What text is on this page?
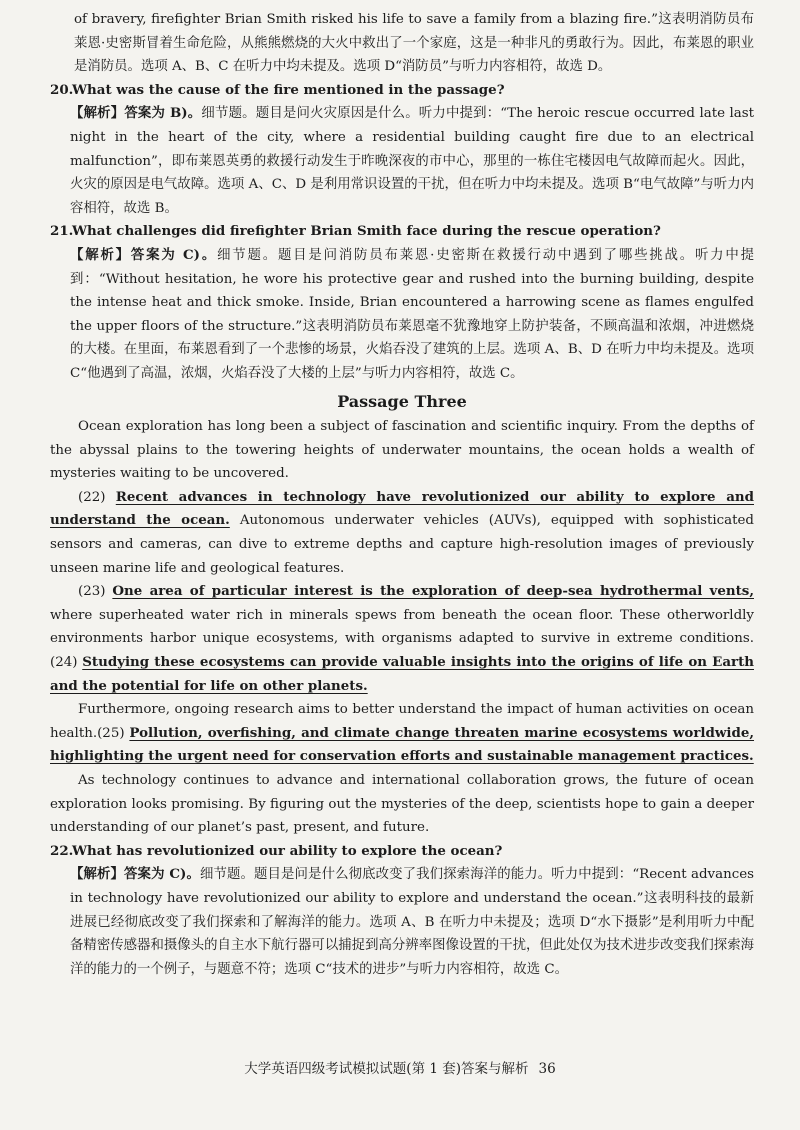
of bravery, firefighter Brian Smith risked his life to save a family from a blazing fire.”这表明消防员布莱恩·史密斯冒着生命危险，从熊熊燃烧的大火中救出了一个家庭，这是一种非凡的勇敢行为。因此，布莱恩的职业是消防员。选项 A、B、C 在听力中均未提及。选项 D“消防员”与听力内容相符，故选 D。

20.What was the cause of the fire mentioned in the passage?

【解析】答案为 B)。细节题。题目是问火灾原因是什么。听力中提到：“The heroic rescue occurred late last night in the heart of the city, where a residential building caught fire due to an electrical malfunction”，即布莱恩英勇的救援行动发生于昨晚深夜的市中心，那里的一栋住宅楼因电气故障而起火。因此，火灾的原因是电气故障。选项 A、C、D 是利用常识设置的干扰，但在听力中均未提及。选项 B“电气故障”与听力内容相符，故选 B。

21.What challenges did firefighter Brian Smith face during the rescue operation?

【解析】答案为 C)。细节题。题目是问消防员布莱恩·史密斯在救援行动中遇到了哪些挑战。听力中提到：“Without hesitation, he wore his protective gear and rushed into the burning building, despite the intense heat and thick smoke. Inside, Brian encountered a harrowing scene as flames engulfed the upper floors of the structure.”这表明消防员布莱恩毫不犹豫地穿上防护装备，不顾高温和浓烟，冲进燃烧的大楼。在里面，布莱恩看到了一个悲惨的场景，火焰吞没了建筑的上层。选项 A、B、D 在听力中均未提及。选项 C“他遇到了高温，浓烟，火焰吞没了大楼的上层”与听力内容相符，故选 C。

Passage Three

Ocean exploration has long been a subject of fascination and scientific inquiry. From the depths of the abyssal plains to the towering heights of underwater mountains, the ocean holds a wealth of mysteries waiting to be uncovered.

(22) Recent advances in technology have revolutionized our ability to explore and understand the ocean. Autonomous underwater vehicles (AUVs), equipped with sophisticated sensors and cameras, can dive to extreme depths and capture high-resolution images of previously unseen marine life and geological features.

(23) One area of particular interest is the exploration of deep-sea hydrothermal vents, where superheated water rich in minerals spews from beneath the ocean floor. These otherworldly environments harbor unique ecosystems, with organisms adapted to survive in extreme conditions. (24) Studying these ecosystems can provide valuable insights into the origins of life on Earth and the potential for life on other planets.

Furthermore, ongoing research aims to better understand the impact of human activities on ocean health.(25) Pollution, overfishing, and climate change threaten marine ecosystems worldwide, highlighting the urgent need for conservation efforts and sustainable management practices.

As technology continues to advance and international collaboration grows, the future of ocean exploration looks promising. By figuring out the mysteries of the deep, scientists hope to gain a deeper understanding of our planet’s past, present, and future.

22.What has revolutionized our ability to explore the ocean?

【解析】答案为 C)。细节题。题目是问是什么彻底改变了我们探索海洋的能力。听力中提到：“Recent advances in technology have revolutionized our ability to explore and understand the ocean.”这表明科技的最新进展已经彻底改变了我们探索和了解海洋的能力。选项 A、B 在听力中未提及；选项 D“水下摄影”是利用听力中配备精密传感器和摄像头的自主水下航行器可以捕捉到高分辨率图像设置的干扰，但此处仅为技术进步改变我们探索海洋的能力的一个例子，与题意不符；选项 C“技术的进步”与听力内容相符，故选 C。

大学英语四级考试模拟试题(第 1 套)答案与解析 36
